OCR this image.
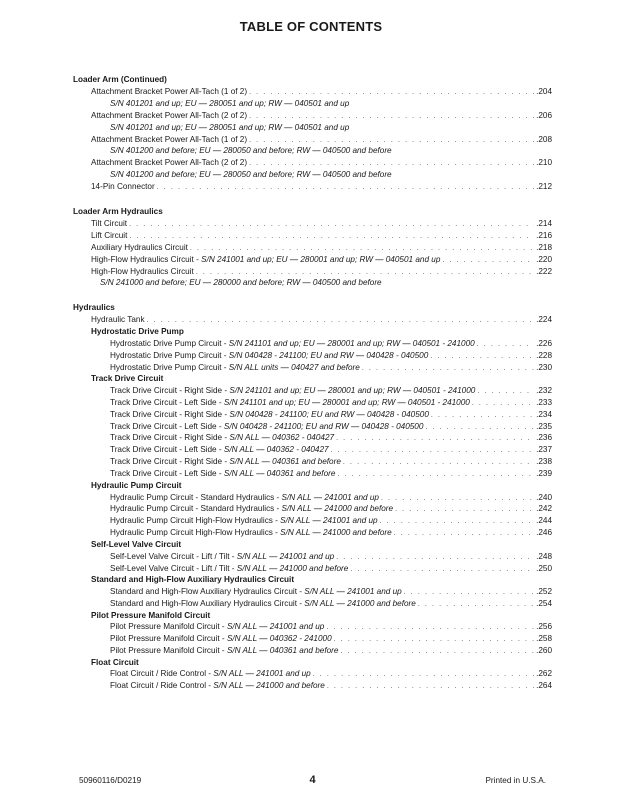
TABLE OF CONTENTS
Loader Arm (Continued)
Attachment Bracket Power All-Tach (1 of 2) . . .	.204
S/N 401201 and up; EU — 280051 and up; RW — 040501 and up
Attachment Bracket Power All-Tach (2 of 2) . . .	.206
S/N 401201 and up; EU — 280051 and up; RW — 040501 and up
Attachment Bracket Power All-Tach (1 of 2) . . .	.208
S/N 401200 and before; EU — 280050 and before; RW — 040500 and before
Attachment Bracket Power All-Tach (2 of 2) . . .	.210
S/N 401200 and before; EU — 280050 and before; RW — 040500 and before
14-Pin Connector . . .	.212
Loader Arm Hydraulics
Tilt Circuit . . .	.214
Lift Circuit . . .	.216
Auxiliary Hydraulics Circuit . . .	.218
High-Flow Hydraulics Circuit - S/N 241001 and up; EU — 280001 and up; RW — 040501 and up . . .	.220
High-Flow Hydraulics Circuit . . .	.222
S/N 241000 and before; EU — 280000 and before; RW — 040500 and before
Hydraulics
Hydraulic Tank . . .	.224
Hydrostatic Drive Pump
Hydrostatic Drive Pump Circuit - S/N 241101 and up; EU — 280001 and up; RW — 040501 - 241000 . . .	.226
Hydrostatic Drive Pump Circuit - S/N 040428 - 241100; EU and RW — 040428 - 040500 . . .	.228
Hydrostatic Drive Pump Circuit - S/N ALL units — 040427 and before . . .	.230
Track Drive Circuit
Track Drive Circuit - Right Side - S/N 241101 and up; EU — 280001 and up; RW — 040501 - 241000 . . .	.232
Track Drive Circuit - Left Side - S/N 241101 and up; EU — 280001 and up; RW — 040501 - 241000 . . .	.233
Track Drive Circuit - Right Side - S/N 040428 - 241100; EU and RW — 040428 - 040500 . . .	.234
Track Drive Circuit - Left Side - S/N 040428 - 241100; EU and RW — 040428 - 040500 . . .	.235
Track Drive Circuit - Right Side - S/N ALL — 040362 - 040427 . . .	.236
Track Drive Circuit - Left Side - S/N ALL — 040362 - 040427 . . .	.237
Track Drive Circuit - Right Side - S/N ALL — 040361 and before . . .	.238
Track Drive Circuit - Left Side - S/N ALL — 040361 and before . . .	.239
Hydraulic Pump Circuit
Hydraulic Pump Circuit - Standard Hydraulics - S/N ALL — 241001 and up . . .	.240
Hydraulic Pump Circuit - Standard Hydraulics - S/N ALL — 241000 and before . . .	.242
Hydraulic Pump Circuit High-Flow Hydraulics - S/N ALL — 241001 and up . . .	.244
Hydraulic Pump Circuit High-Flow Hydraulics - S/N ALL — 241000 and before . . .	.246
Self-Level Valve Circuit
Self-Level Valve Circuit - Lift / Tilt - S/N ALL — 241001 and up . . .	.248
Self-Level Valve Circuit - Lift / Tilt - S/N ALL — 241000 and before . . .	.250
Standard and High-Flow Auxiliary Hydraulics Circuit
Standard and High-Flow Auxiliary Hydraulics Circuit - S/N ALL — 241001 and up . . .	.252
Standard and High-Flow Auxiliary Hydraulics Circuit - S/N ALL — 241000 and before . . .	.254
Pilot Pressure Manifold Circuit
Pilot Pressure Manifold Circuit - S/N ALL — 241001 and up . . .	.256
Pilot Pressure Manifold Circuit - S/N ALL — 040362 - 241000 . . .	.258
Pilot Pressure Manifold Circuit - S/N ALL — 040361 and before . . .	.260
Float Circuit
Float Circuit / Ride Control - S/N ALL — 241001 and up . . .	.262
Float Circuit / Ride Control - S/N ALL — 241000 and before . . .	.264
50960116/D0219	4	Printed in U.S.A.
